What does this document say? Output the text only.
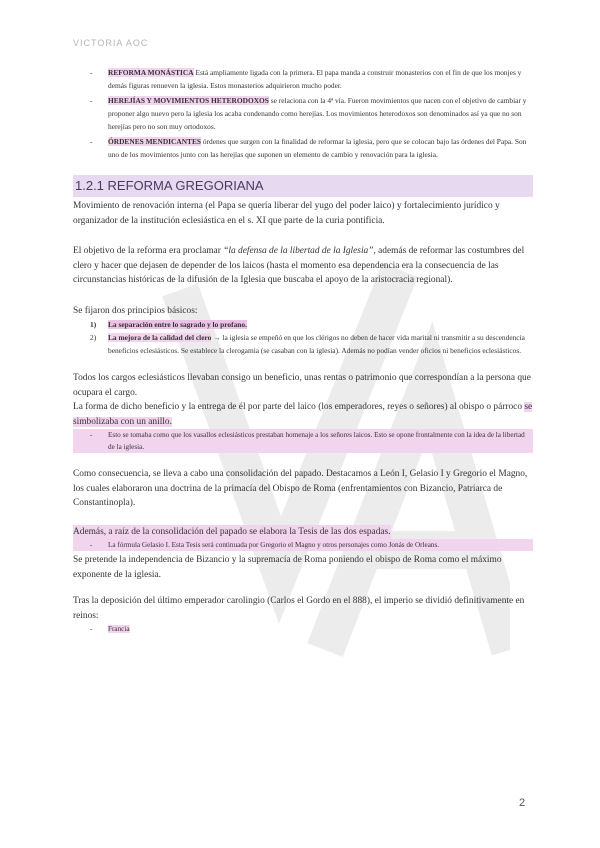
VICTORIA AOC
- REFORMA MONÁSTICA Está ampliamente ligada con la primera. El papa manda a construir monasterios con el fin de que los monjes y demás figuras renueven la iglesia. Estos monasterios adquirieron mucho poder.
- HEREJÍAS Y MOVIMIENTOS HETERODOXOS se relaciona con la 4ª vía. Fueron movimientos que nacen con el objetivo de cambiar y proponer algo nuevo pero la iglesia los acaba condenando como herejías. Los movimientos heterodoxos son denominados así ya que no son herejías pero no son muy ortodoxos.
- ÓRDENES MENDICANTES órdenes que surgen con la finalidad de reformar la iglesia, pero que se colocan bajo las órdenes del Papa. Son uno de los movimientos junto con las herejías que suponen un elemento de cambio y renovación para la iglesia.
1.2.1 REFORMA GREGORIANA

Movimiento de renovación interna (el Papa se quería liberar del yugo del poder laico) y fortalecimiento jurídico y organizador de la institución eclesiástica en el s. XI que parte de la curia pontificia.

El objetivo de la reforma era proclamar “la defensa de la libertad de la Iglesia”, además de reformar las costumbres del clero y hacer que dejasen de depender de los laicos (hasta el momento esa dependencia era la consecuencia de las circunstancias históricas de la difusión de la Iglesia que buscaba el apoyo de la aristocracia regional).

Se fijaron dos principios básicos:

1) La separación entre lo sagrado y lo profano.
2) La mejora de la calidad del clero → la iglesia se empeñó en que los clérigos no deben de hacer vida marital ni transmitir a su descendencia beneficios eclesiásticos. Se establece la clerogamia (se casaban con la iglesia). Además no podían vender oficios ni beneficios eclesiásticos.

Todos los cargos eclesiásticos llevaban consigo un beneficio, unas rentas o patrimonio que correspondían a la persona que ocupara el cargo.

La forma de dicho beneficio y la entrega de él por parte del laico (los emperadores, reyes o señores) al obispo o párroco se simbolizaba con un anillo.

- Esto se tomaba como que los vasallos eclesiásticos prestaban homenaje a los señores laicos. Esto se opone frontalmente con la idea de la libertad de la iglesia.

Como consecuencia, se lleva a cabo una consolidación del papado. Destacamos a León I, Gelasio I y Gregorio el Magno, los cuales elaboraron una doctrina de la primacía del Obispo de Roma (enfrentamientos con Bizancio, Patriarca de Constantinopla).

Además, a raíz de la consolidación del papado se elabora la Tesis de las dos espadas.

- La fórmula Gelasio I. Esta Tesis será continuada por Gregorio el Magno y otros personajes como Jonás de Orleans.

Se pretende la independencia de Bizancio y la supremacía de Roma poniendo el obispo de Roma como el máximo exponente de la iglesia.

Tras la deposición del último emperador carolingio (Carlos el Gordo en el 888), el imperio se dividió definitivamente en reinos:

- Francia
2
